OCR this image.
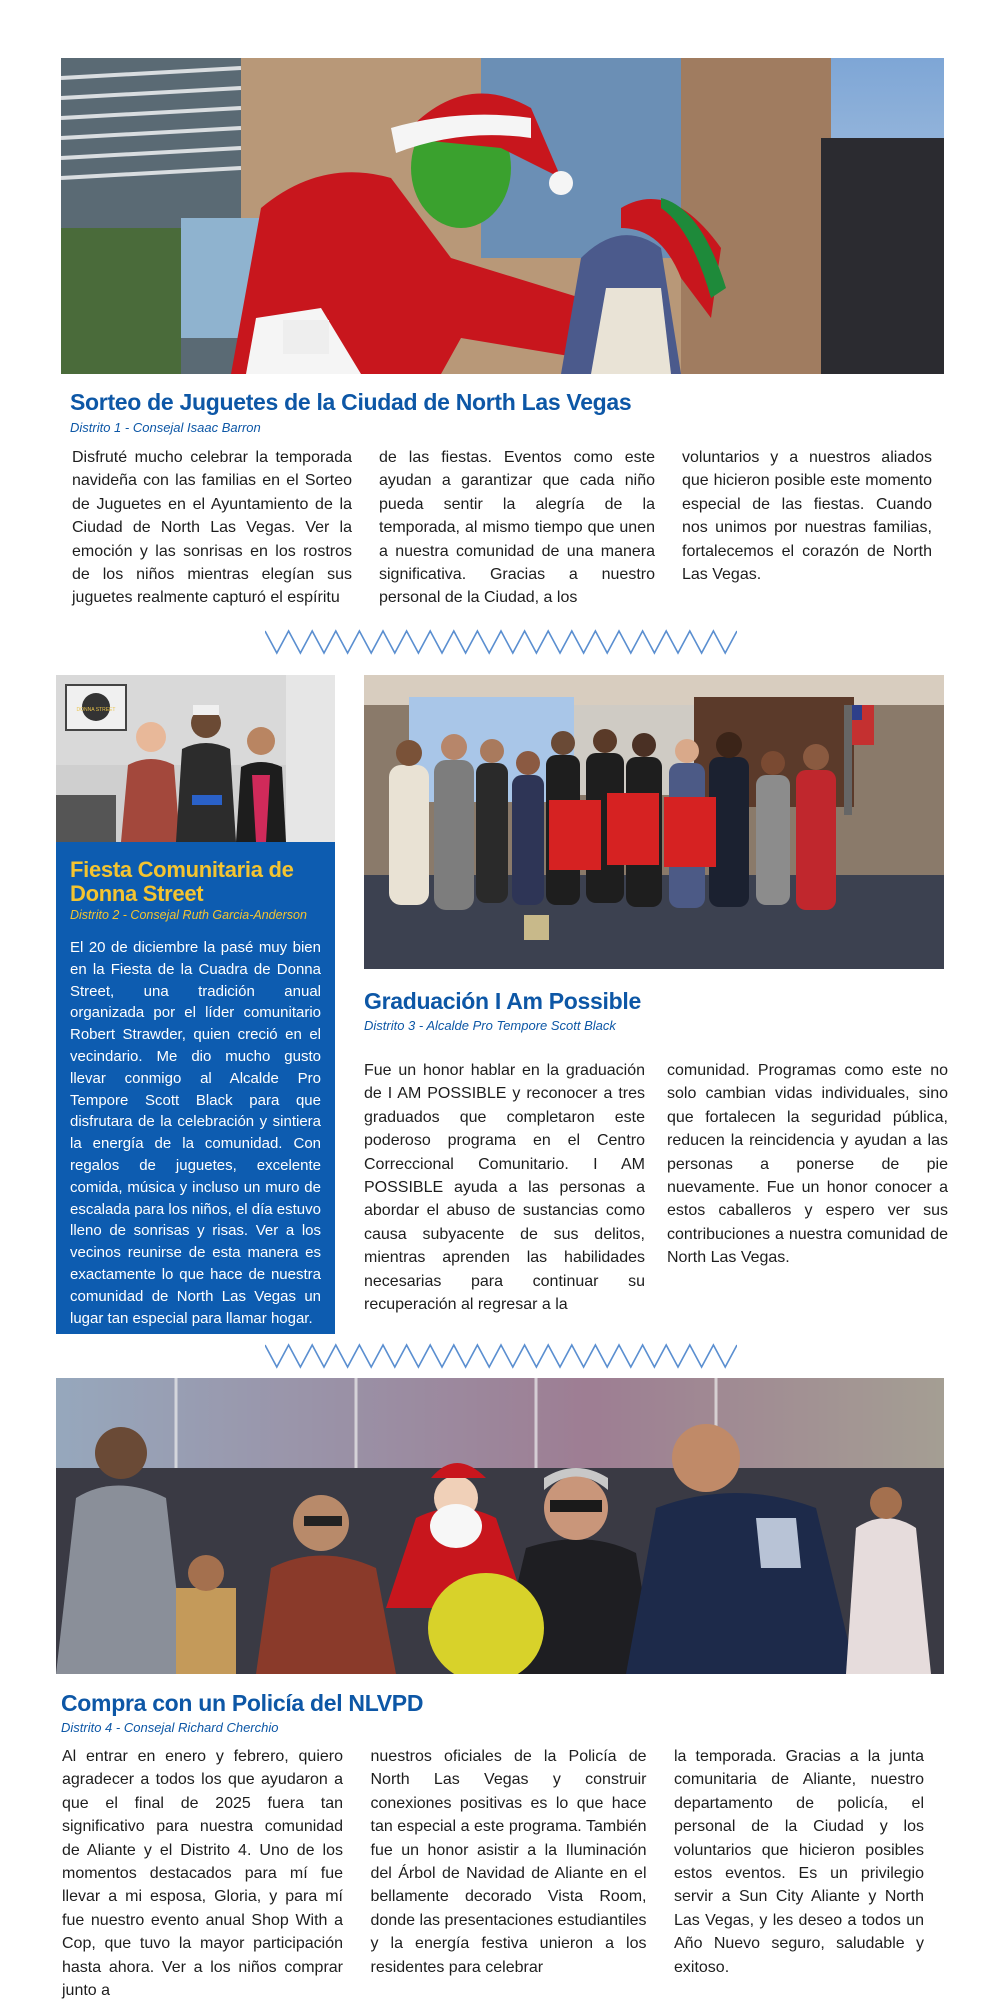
Sorteo de Juguetes de la Ciudad de North Las Vegas
Distrito 1 - Consejal Isaac Barron
Disfruté mucho celebrar la temporada navideña con las familias en el Sorteo de Juguetes en el Ayuntamiento de la Ciudad de North Las Vegas. Ver la emoción y las sonrisas en los rostros de los niños mientras elegían sus juguetes realmente capturó el espíritu
de las fiestas. Eventos como este ayudan a garantizar que cada niño pueda sentir la alegría de la temporada, al mismo tiempo que unen a nuestra comunidad de una manera significativa. Gracias a nuestro personal de la Ciudad, a los
voluntarios y a nuestros aliados que hicieron posible este momento especial de las fiestas. Cuando nos unimos por nuestras familias, fortalecemos el corazón de North Las Vegas.
DONNA STREET
Fiesta Comunitaria de
Donna Street
Distrito 2 - Consejal Ruth Garcia-Anderson
El 20 de diciembre la pasé muy bien en la Fiesta de la Cuadra de Donna Street, una tradición anual organizada por el líder comunitario Robert Strawder, quien creció en el vecindario. Me dio mucho gusto llevar conmigo al Alcalde Pro Tempore Scott Black para que disfrutara de la celebración y sintiera la energía de la comunidad. Con regalos de juguetes, excelente comida, música y incluso un muro de escalada para los niños, el día estuvo lleno de sonrisas y risas. Ver a los vecinos reunirse de esta manera es exactamente lo que hace de nuestra comunidad de North Las Vegas un lugar tan especial para llamar hogar.
Graduación I Am Possible
Distrito 3 - Alcalde Pro Tempore Scott Black
Fue un honor hablar en la graduación de I AM POSSIBLE y reconocer a tres graduados que completaron este poderoso programa en el Centro Correccional Comunitario. I AM POSSIBLE ayuda a las personas a abordar el abuso de sustancias como causa subyacente de sus delitos, mientras aprenden las habilidades necesarias para continuar su recuperación al regresar a la
comunidad. Programas como este no solo cambian vidas individuales, sino que fortalecen la seguridad pública, reducen la reincidencia y ayudan a las personas a ponerse de pie nuevamente. Fue un honor conocer a estos caballeros y espero ver sus contribuciones a nuestra comunidad de North Las Vegas.
Compra con un Policía del NLVPD
Distrito 4 - Consejal Richard Cherchio
Al entrar en enero y febrero, quiero agradecer a todos los que ayudaron a que el final de 2025 fuera tan significativo para nuestra comunidad de Aliante y el Distrito 4. Uno de los momentos destacados para mí fue llevar a mi esposa, Gloria, y para mí fue nuestro evento anual Shop With a Cop, que tuvo la mayor participación hasta ahora. Ver a los niños comprar junto a
nuestros oficiales de la Policía de North Las Vegas y construir conexiones positivas es lo que hace tan especial a este programa. También fue un honor asistir a la Iluminación del Árbol de Navidad de Aliante en el bellamente decorado Vista Room, donde las presentaciones estudiantiles y la energía festiva unieron a los residentes para celebrar
la temporada. Gracias a la junta comunitaria de Aliante, nuestro departamento de policía, el personal de la Ciudad y los voluntarios que hicieron posibles estos eventos. Es un privilegio servir a Sun City Aliante y North Las Vegas, y les deseo a todos un Año Nuevo seguro, saludable y exitoso.
